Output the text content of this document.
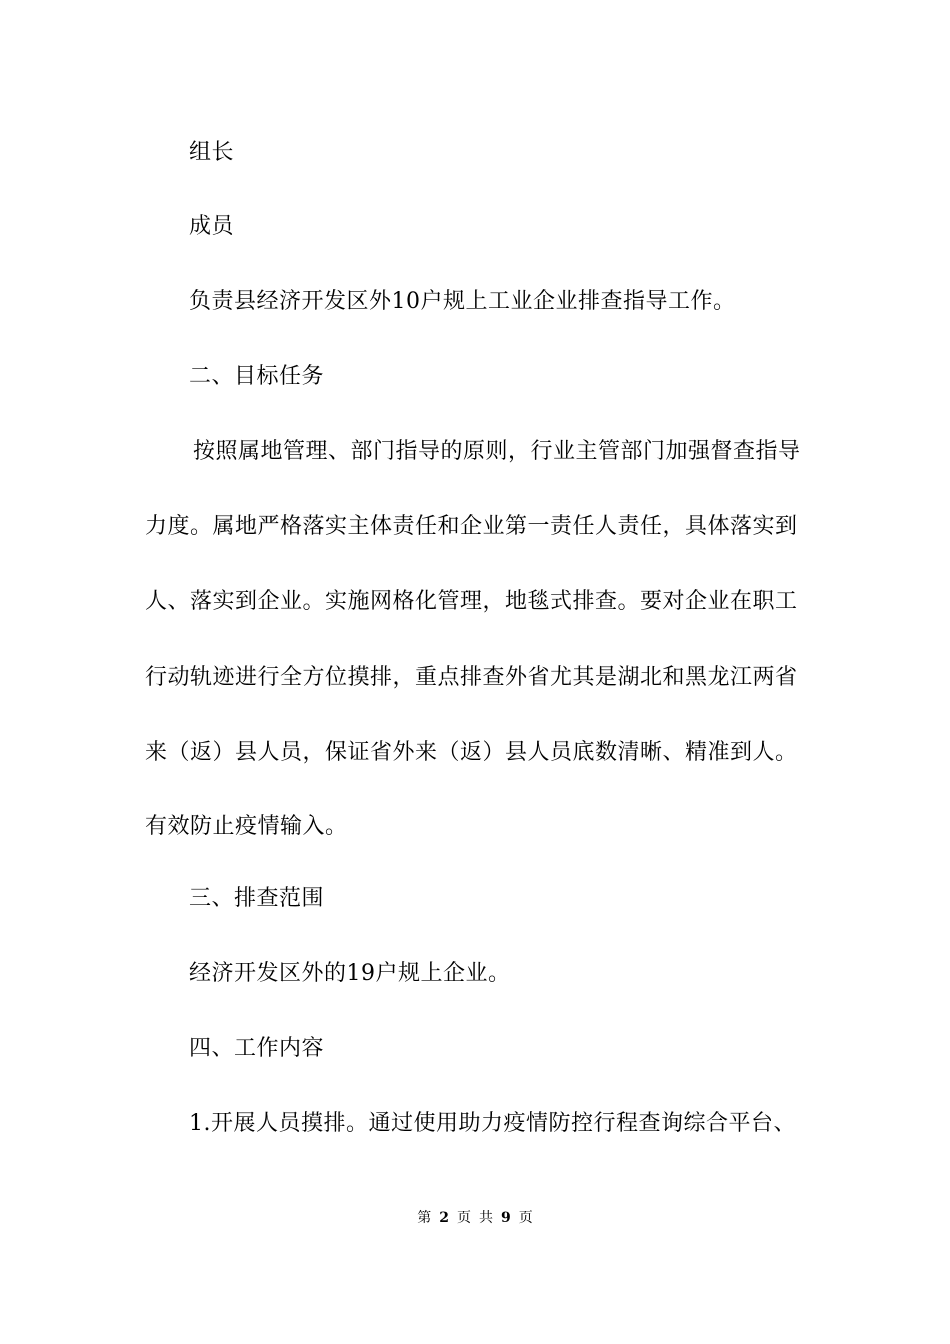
组长
成员
负责县经济开发区外10户规上工业企业排查指导工作。
二、目标任务
按照属地管理、部门指导的原则，行业主管部门加强督查指导
力度。属地严格落实主体责任和企业第一责任人责任，具体落实到
人、落实到企业。实施网格化管理，地毯式排查。要对企业在职工
行动轨迹进行全方位摸排，重点排查外省尤其是湖北和黑龙江两省
来（返）县人员，保证省外来（返）县人员底数清晰、精准到人。
有效防止疫情输入。
三、排查范围
经济开发区外的19户规上企业。
四、工作内容
1.开展人员摸排。通过使用助力疫情防控行程查询综合平台、
第 2 页 共 9 页
